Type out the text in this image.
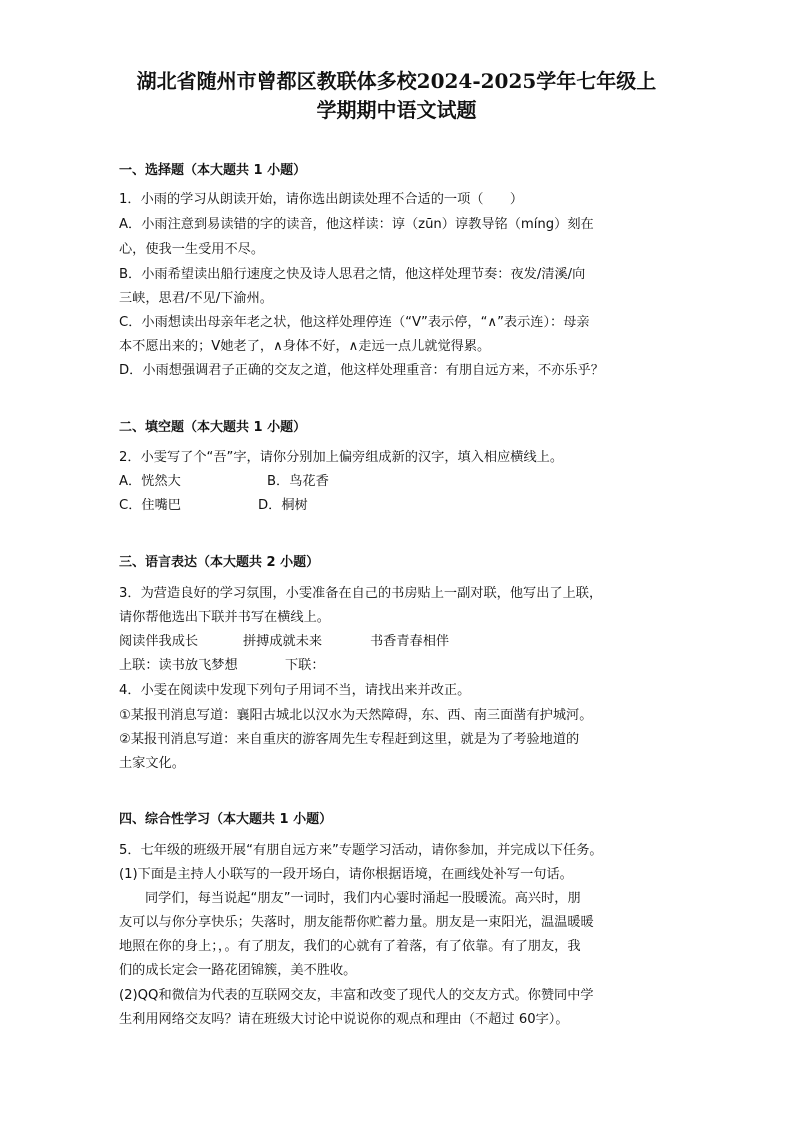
湖北省随州市曾都区教联体多校2024-2025学年七年级上
学期期中语文试题
一、选择题（本大题共 1 小题）
1．小雨的学习从朗读开始，请你选出朗读处理不合适的一项（　　）
A．小雨注意到易读错的字的读音，他这样读：谆（zūn）谆教导铭（míng）刻在
心，使我一生受用不尽。
B．小雨希望读出船行速度之快及诗人思君之情，他这样处理节奏：夜发/清溪/向
三峡，思君/不见/下渝州。
C．小雨想读出母亲年老之状，他这样处理停连（“V”表示停，“∧”表示连）：母亲
本不愿出来的；V她老了，∧身体不好，∧走远一点儿就觉得累。
D．小雨想强调君子正确的交友之道，他这样处理重音：有朋自远方来，不亦乐乎？
二、填空题（本大题共 1 小题）
2．小雯写了个“吾”字，请你分别加上偏旁组成新的汉字，填入相应横线上。
A．恍然大	B．鸟花香
C．住嘴巴	D．桐树
三、语言表达（本大题共 2 小题）
3．为营造良好的学习氛围，小雯准备在自己的书房贴上一副对联，他写出了上联，
请你帮他选出下联并书写在横线上。
阅读伴我成长	拼搏成就未来	书香青春相伴
上联：读书放飞梦想	下联：
4．小雯在阅读中发现下列句子用词不当，请找出来并改正。
①某报刊消息写道：襄阳古城北以汉水为天然障碍，东、西、南三面凿有护城河。
②某报刊消息写道：来自重庆的游客周先生专程赶到这里，就是为了考验地道的
土家文化。
四、综合性学习（本大题共 1 小题）
5．七年级的班级开展“有朋自远方来”专题学习活动，请你参加，并完成以下任务。
(1)下面是主持人小联写的一段开场白，请你根据语境，在画线处补写一句话。
同学们，每当说起“朋友”一词时，我们内心霎时涌起一股暖流。高兴时，朋
友可以与你分享快乐；失落时，朋友能帮你贮蓄力量。朋友是一束阳光，温温暖暖
地照在你的身上；，。有了朋友，我们的心就有了着落，有了依靠。有了朋友，我
们的成长定会一路花团锦簇，美不胜收。
(2)QQ和微信为代表的互联网交友，丰富和改变了现代人的交友方式。你赞同中学
生利用网络交友吗？请在班级大讨论中说说你的观点和理由（不超过 60字）。
